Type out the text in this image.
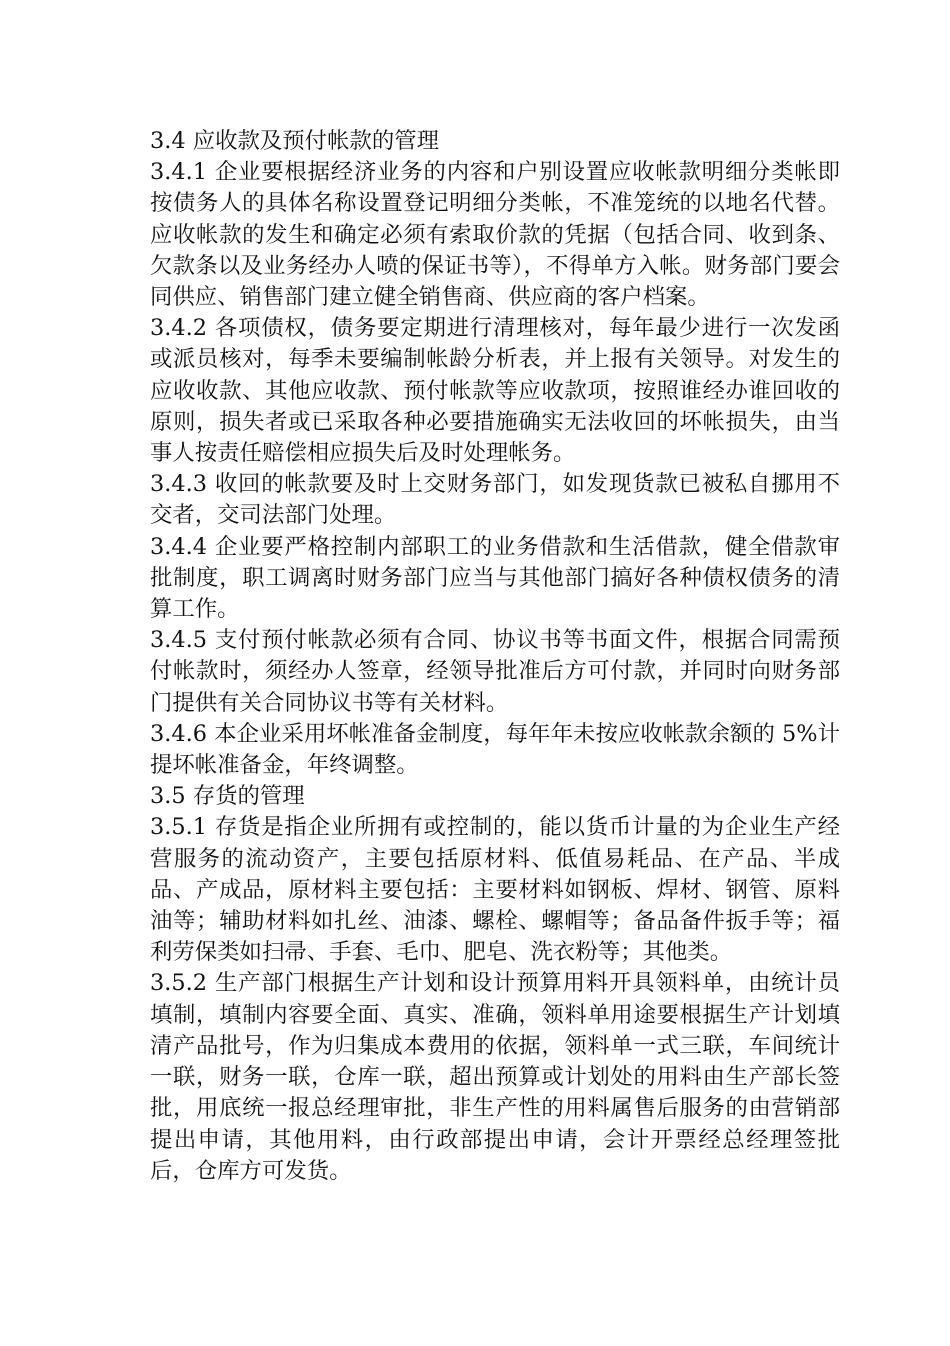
3.4 应收款及预付帐款的管理

3.4.1 企业要根据经济业务的内容和户别设置应收帐款明细分类帐即按债务人的具体名称设置登记明细分类帐，不准笼统的以地名代替。应收帐款的发生和确定必须有索取价款的凭据（包括合同、收到条、欠款条以及业务经办人喷的保证书等），不得单方入帐。财务部门要会同供应、销售部门建立健全销售商、供应商的客户档案。

3.4.2 各项债权，债务要定期进行清理核对，每年最少进行一次发函或派员核对，每季未要编制帐龄分析表，并上报有关领导。对发生的应收收款、其他应收款、预付帐款等应收款项，按照谁经办谁回收的原则，损失者或已采取各种必要措施确实无法收回的坏帐损失，由当事人按责任赔偿相应损失后及时处理帐务。

3.4.3 收回的帐款要及时上交财务部门，如发现货款已被私自挪用不交者，交司法部门处理。

3.4.4 企业要严格控制内部职工的业务借款和生活借款，健全借款审批制度，职工调离时财务部门应当与其他部门搞好各种债权债务的清算工作。

3.4.5 支付预付帐款必须有合同、协议书等书面文件，根据合同需预付帐款时，须经办人签章，经领导批准后方可付款，并同时向财务部门提供有关合同协议书等有关材料。

3.4.6 本企业采用坏帐准备金制度，每年年未按应收帐款余额的 5%计提坏帐准备金，年终调整。

3.5 存货的管理

3.5.1 存货是指企业所拥有或控制的，能以货币计量的为企业生产经营服务的流动资产，主要包括原材料、低值易耗品、在产品、半成品、产成品，原材料主要包括：主要材料如钢板、焊材、钢管、原料油等；辅助材料如扎丝、油漆、螺栓、螺帽等；备品备件扳手等；福利劳保类如扫帚、手套、毛巾、肥皂、洗衣粉等；其他类。

3.5.2 生产部门根据生产计划和设计预算用料开具领料单，由统计员填制，填制内容要全面、真实、准确，领料单用途要根据生产计划填清产品批号，作为归集成本费用的依据，领料单一式三联，车间统计一联，财务一联，仓库一联，超出预算或计划处的用料由生产部长签批，用底统一报总经理审批，非生产性的用料属售后服务的由营销部提出申请，其他用料，由行政部提出申请，会计开票经总经理签批后，仓库方可发货。
